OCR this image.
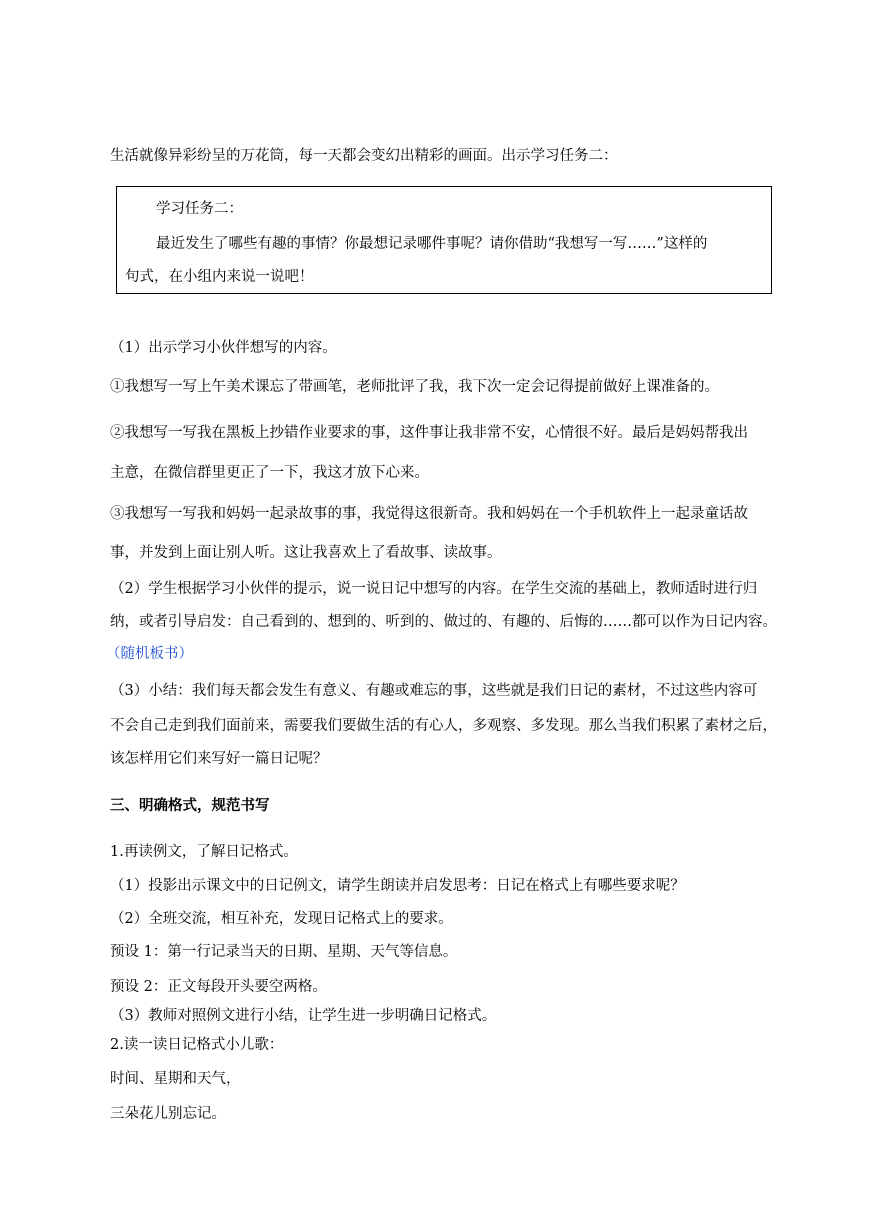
生活就像异彩纷呈的万花筒，每一天都会变幻出精彩的画面。出示学习任务二：
学习任务二：
最近发生了哪些有趣的事情？你最想记录哪件事呢？请你借助“我想写一写……”这样的
句式，在小组内来说一说吧！
（1）出示学习小伙伴想写的内容。
①我想写一写上午美术课忘了带画笔，老师批评了我，我下次一定会记得提前做好上课准备的。
②我想写一写我在黑板上抄错作业要求的事，这件事让我非常不安，心情很不好。最后是妈妈帮我出
主意，在微信群里更正了一下，我这才放下心来。
③我想写一写我和妈妈一起录故事的事，我觉得这很新奇。我和妈妈在一个手机软件上一起录童话故
事，并发到上面让别人听。这让我喜欢上了看故事、读故事。
（2）学生根据学习小伙伴的提示，说一说日记中想写的内容。在学生交流的基础上，教师适时进行归
纳，或者引导启发：自己看到的、想到的、听到的、做过的、有趣的、后悔的……都可以作为日记内容。
（随机板书）
（3）小结：我们每天都会发生有意义、有趣或难忘的事，这些就是我们日记的素材，不过这些内容可
不会自己走到我们面前来，需要我们要做生活的有心人，多观察、多发现。那么当我们积累了素材之后，
该怎样用它们来写好一篇日记呢？
三、明确格式，规范书写
1.再读例文，了解日记格式。
（1）投影出示课文中的日记例文，请学生朗读并启发思考：日记在格式上有哪些要求呢？
（2）全班交流，相互补充，发现日记格式上的要求。
预设 1：第一行记录当天的日期、星期、天气等信息。
预设 2：正文每段开头要空两格。
（3）教师对照例文进行小结，让学生进一步明确日记格式。
2.读一读日记格式小儿歌：
时间、星期和天气，
三朵花儿别忘记。
